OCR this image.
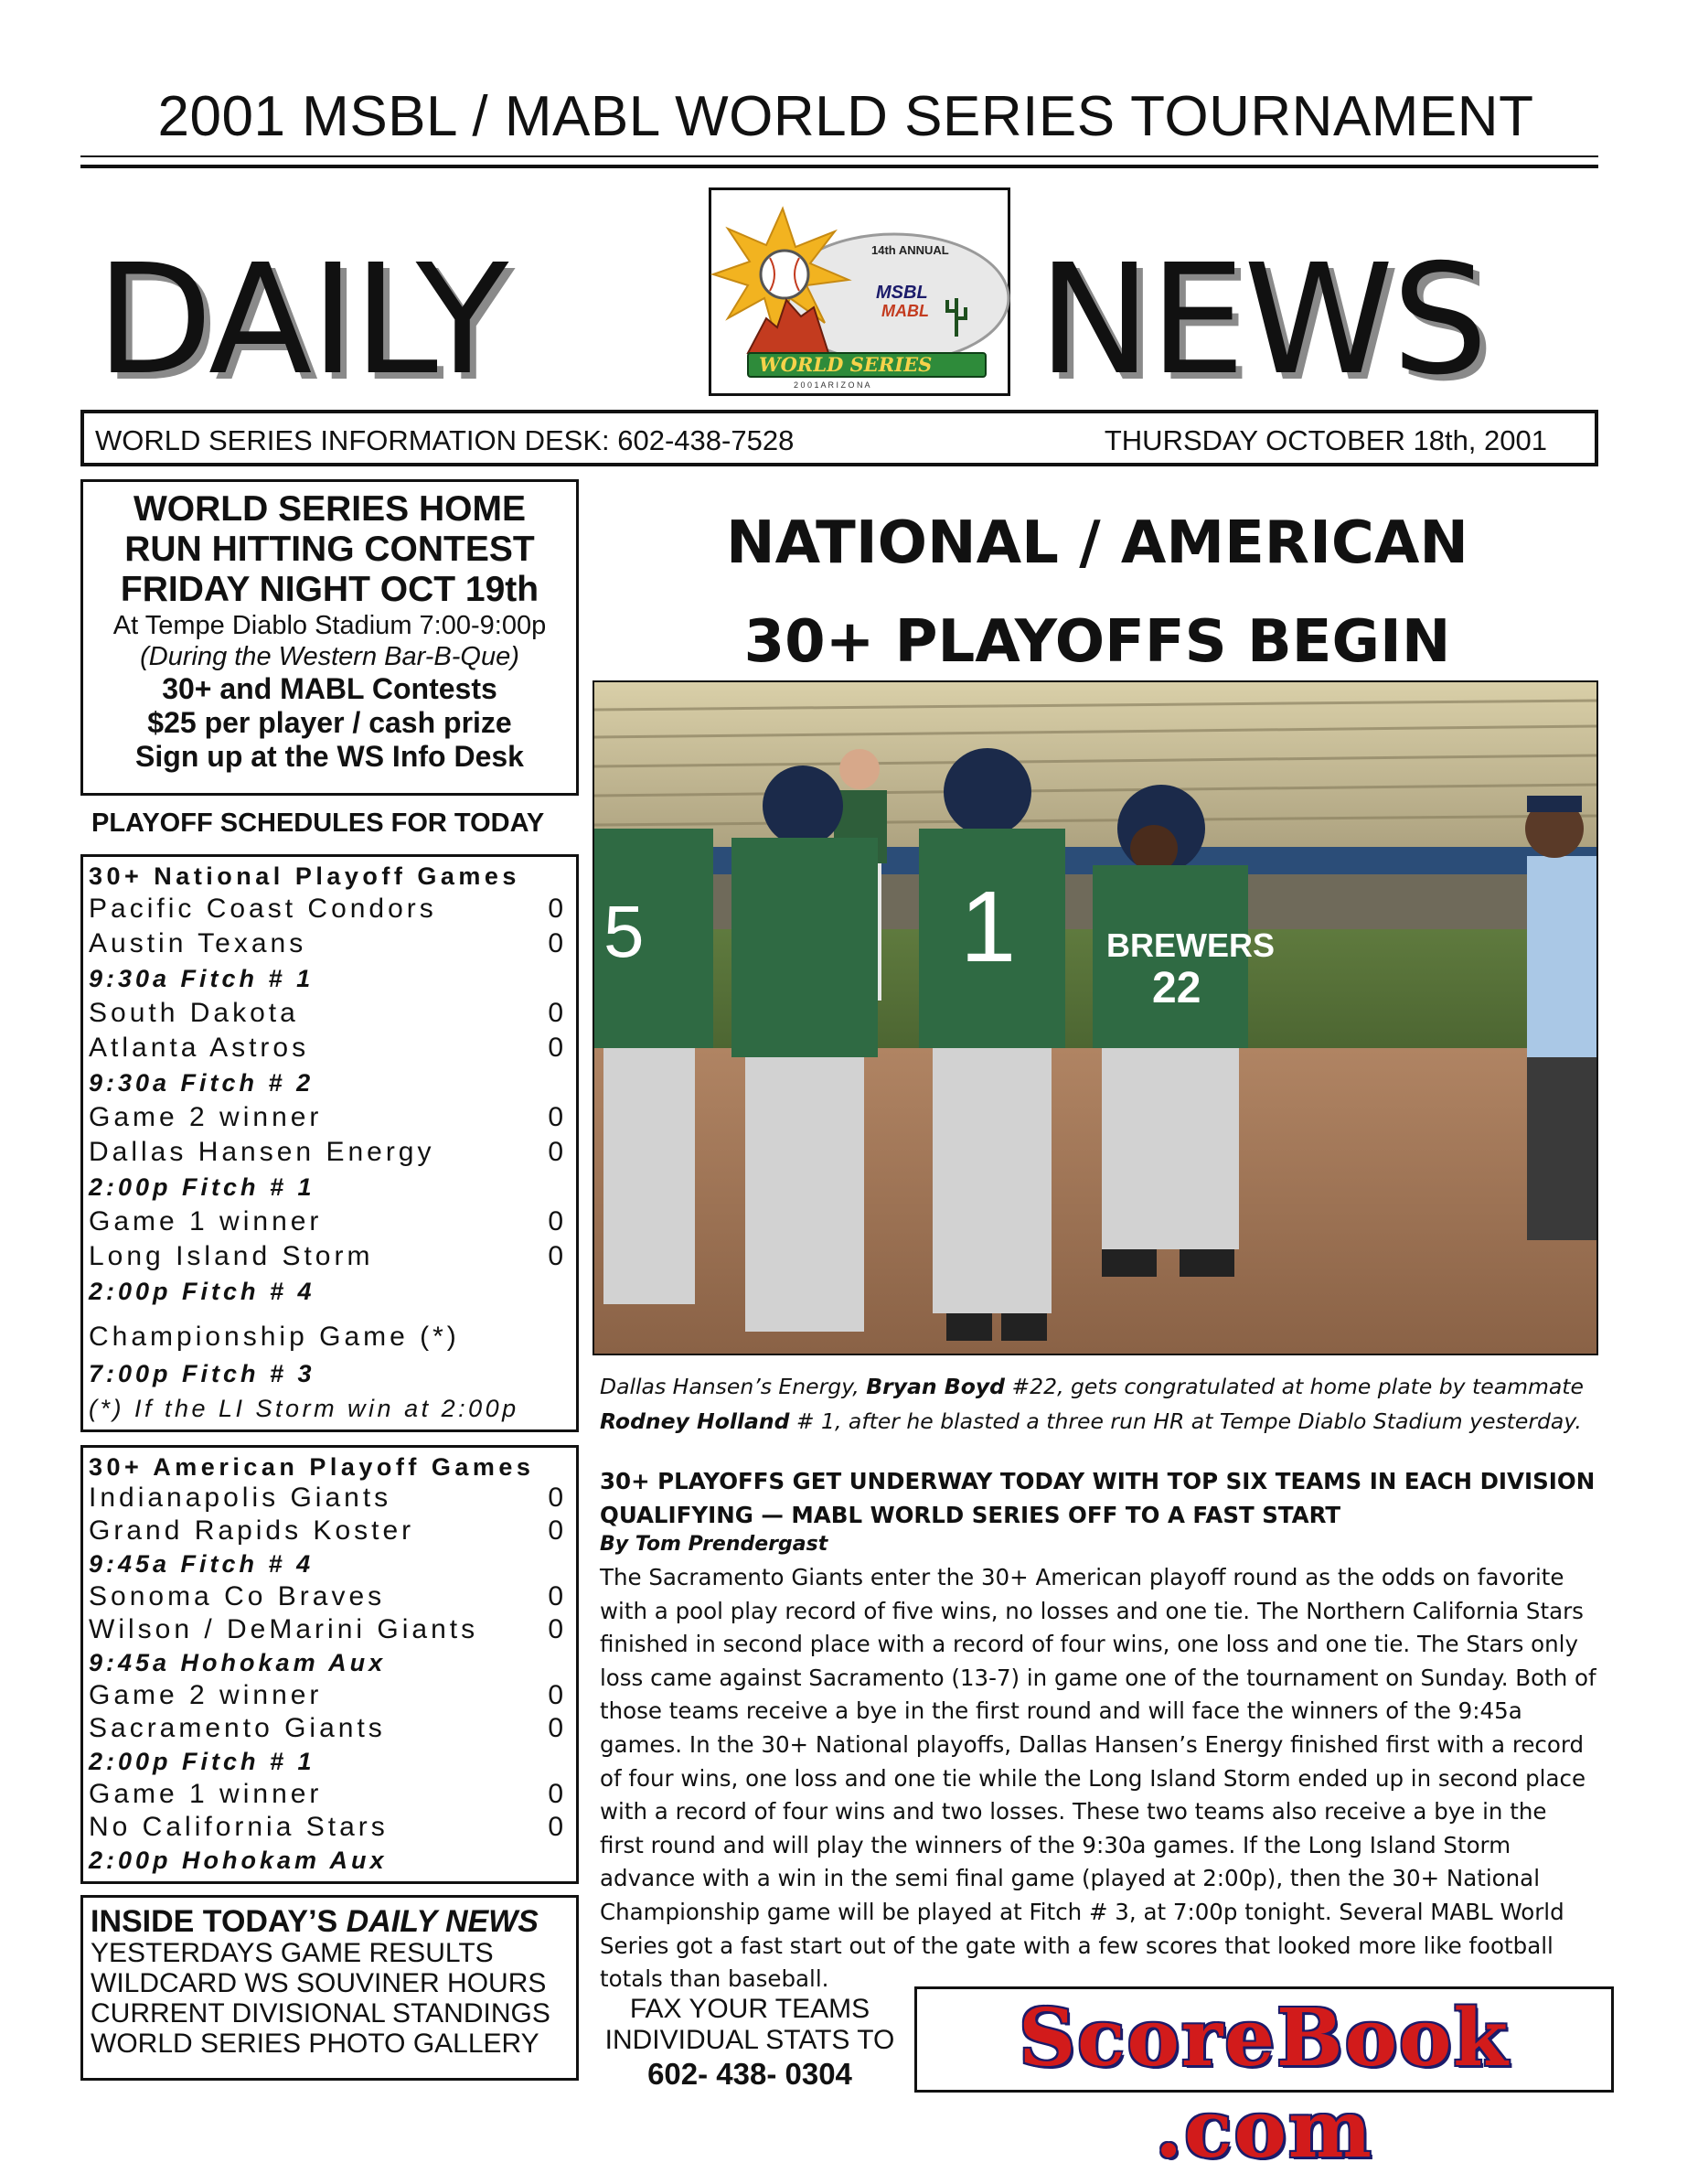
2001 MSBL / MABL WORLD SERIES TOURNAMENT
DAILY	NEWS
14th ANNUAL
MSBL
MABL
WORLD SERIES
2 0 0 1 A R I Z O N A
WORLD SERIES INFORMATION DESK: 602-438-7528	THURSDAY OCTOBER 18th, 2001
WORLD SERIES HOME
RUN HITTING CONTEST
FRIDAY NIGHT OCT 19th
At Tempe Diablo Stadium 7:00-9:00p
(During the Western Bar-B-Que)
30+ and MABL Contests
$25 per player / cash prize
Sign up at the WS Info Desk
PLAYOFF SCHEDULES FOR TODAY
30+ National Playoff Games
Pacific Coast Condors	0
Austin Texans	0
9:30a Fitch # 1
South Dakota	0
Atlanta Astros	0
9:30a Fitch # 2
Game 2 winner	0
Dallas Hansen Energy	0
2:00p Fitch # 1
Game 1 winner	0
Long Island Storm	0
2:00p Fitch # 4
Championship Game (*)
7:00p Fitch # 3
(*) If the LI Storm win at 2:00p
30+ American Playoff Games
Indianapolis Giants	0
Grand Rapids Koster	0
9:45a Fitch # 4
Sonoma Co Braves	0
Wilson / DeMarini Giants	0
9:45a Hohokam Aux
Game 2 winner	0
Sacramento Giants	0
2:00p Fitch # 1
Game 1 winner	0
No California Stars	0
2:00p Hohokam Aux
INSIDE TODAY’S DAILY NEWS
YESTERDAYS GAME RESULTS
WILDCARD WS SOUVINER HOURS
CURRENT DIVISIONAL STANDINGS
WORLD SERIES PHOTO GALLERY
NATIONAL / AMERICAN
30+ PLAYOFFS BEGIN
5	1	BREWERS
22
Dallas Hansen’s Energy, Bryan Boyd #22, gets congratulated at home plate by teammate
Rodney Holland # 1, after he blasted a three run HR at Tempe Diablo Stadium yesterday.
30+ PLAYOFFS GET UNDERWAY TODAY WITH TOP SIX TEAMS IN EACH DIVISION
QUALIFYING — MABL WORLD SERIES OFF TO A FAST START
By Tom Prendergast
The Sacramento Giants enter the 30+ American playoff round as the odds on favorite with a pool play record of five wins, no losses and one tie. The Northern California Stars finished in second place with a record of four wins, one loss and one tie. The Stars only loss came against Sacramento (13-7) in game one of the tournament on Sunday. Both of those teams receive a bye in the first round and will face the winners of the 9:45a games. In the 30+ National playoffs, Dallas Hansen’s Energy finished first with a record of four wins, one loss and one tie while the Long Island Storm ended up in second place with a record of four wins and two losses. These two teams also receive a bye in the first round and will play the winners of the 9:30a games. If the Long Island Storm advance with a win in the semi final game (played at 2:00p), then the 30+ National Championship game will be played at Fitch # 3, at 7:00p tonight. Several MABL World Series got a fast start out of the gate with a few scores that looked more like football totals than baseball.
FAX YOUR TEAMS
INDIVIDUAL STATS TO
602- 438- 0304	ScoreBook .com
